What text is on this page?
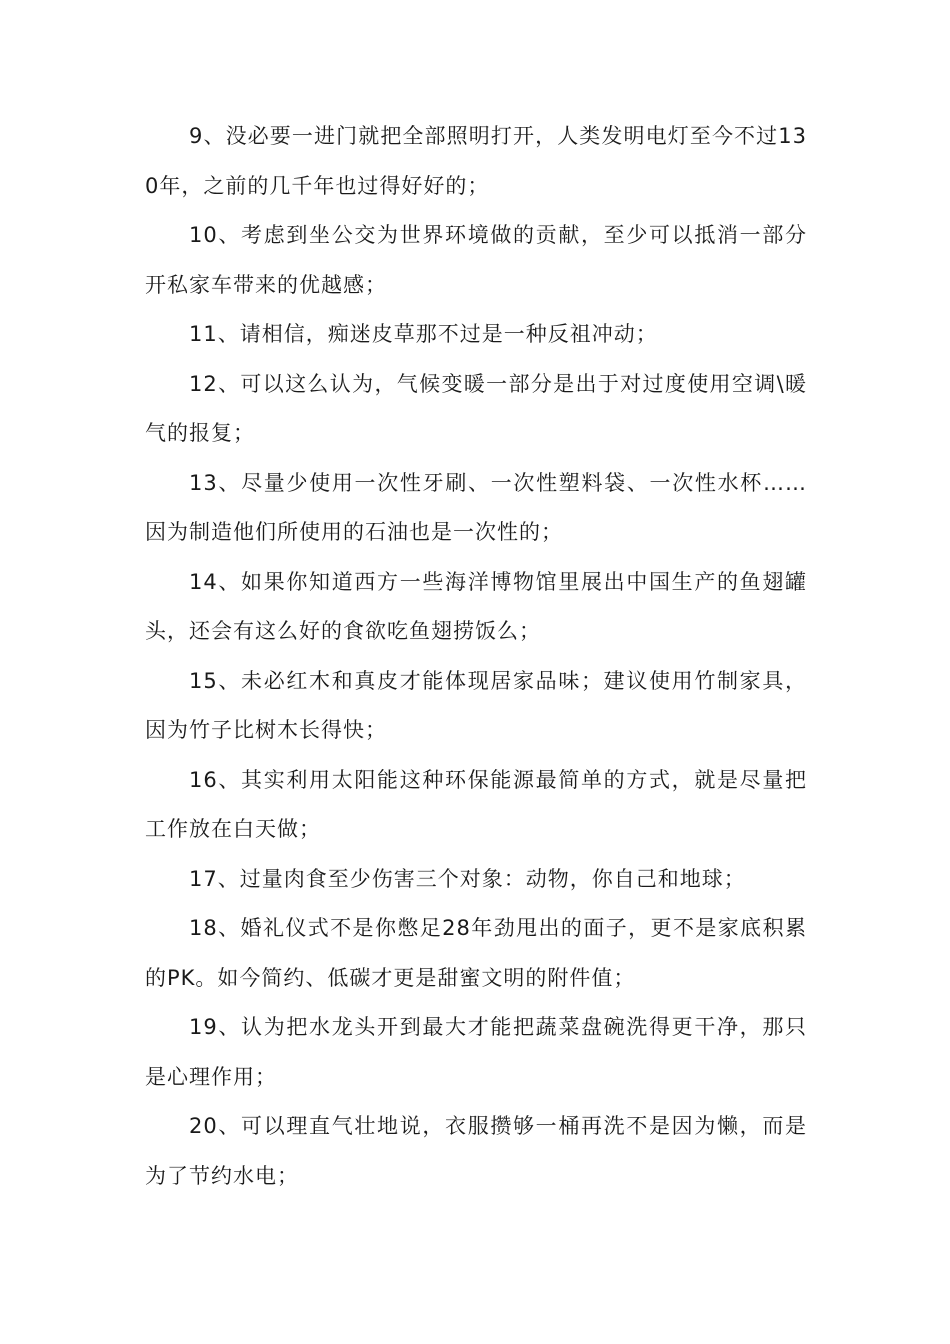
9、没必要一进门就把全部照明打开，人类发明电灯至今不过130年，之前的几千年也过得好好的；

10、考虑到坐公交为世界环境做的贡献，至少可以抵消一部分开私家车带来的优越感；

11、请相信，痴迷皮草那不过是一种反祖冲动；

12、可以这么认为，气候变暖一部分是出于对过度使用空调\暖气的报复；

13、尽量少使用一次性牙刷、一次性塑料袋、一次性水杯……因为制造他们所使用的石油也是一次性的；

14、如果你知道西方一些海洋博物馆里展出中国生产的鱼翅罐头，还会有这么好的食欲吃鱼翅捞饭么；

15、未必红木和真皮才能体现居家品味；建议使用竹制家具，因为竹子比树木长得快；

16、其实利用太阳能这种环保能源最简单的方式，就是尽量把工作放在白天做；

17、过量肉食至少伤害三个对象：动物，你自己和地球；

18、婚礼仪式不是你憋足28年劲甩出的面子，更不是家底积累的PK。如今简约、低碳才更是甜蜜文明的附件值；

19、认为把水龙头开到最大才能把蔬菜盘碗洗得更干净，那只是心理作用；

20、可以理直气壮地说，衣服攒够一桶再洗不是因为懒，而是为了节约水电；
